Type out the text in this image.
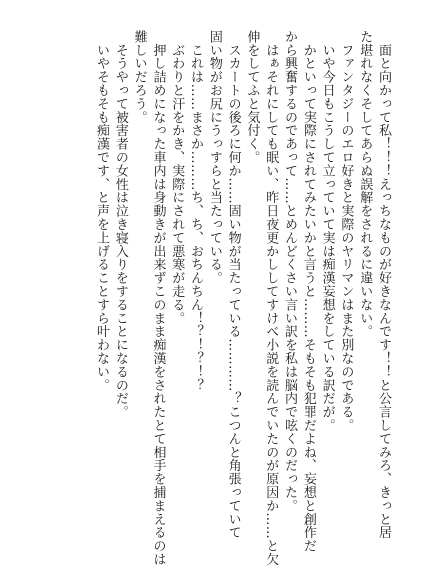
　面と向かって私！！！えっちなものが好きなんです！！と公言してみろ、きっと居
た堪れなくそしてあらぬ誤解をされるに違いない。
　ファンタジーのエロ好きと実際のヤリマンはまた別なのである。
　いや今日もこうして立っていて実は痴漢妄想をしている訳だが。
　かといって実際にされてみたいかと言うと………そもそも犯罪だよね、妄想と創作だ
から興奮するのであって……とめんどくさい言い訳を私は脳内で呟くのだった。
　はぁそれにしても眠い、昨日夜更かししてすけべ小説を読んでいたのが原因か……と欠
伸をしてふと気付く。
　スカートの後ろに何か……固い物が当たっている…………？こつんと角張っていて
固い物がお尻にうっすらと当たっている。
　これは……まさか………ち、ち、おちんちん！？！？！？
　ぶわりと汗をかき、実際にされて悪寒が走る。
　押し詰めになった車内は身動きが出来ずこのまま痴漢をされたとて相手を捕まえるのは
難しいだろう。
　そうやって被害者の女性は泣き寝入りをすることになるのだ。
　いやそもそも痴漢です、と声を上げることすら叶わない。
